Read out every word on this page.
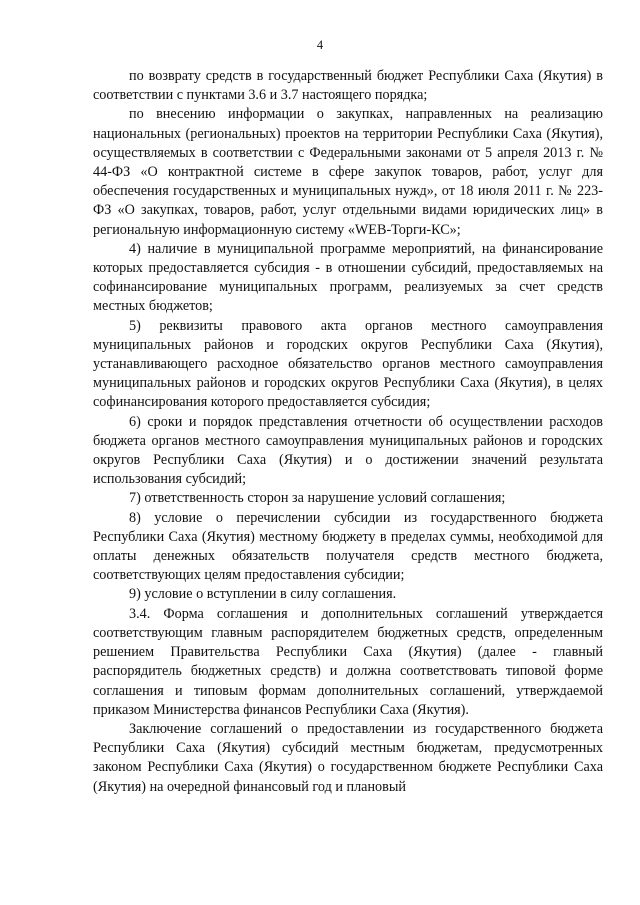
4

по возврату средств в государственный бюджет Республики Саха (Якутия) в соответствии с пунктами 3.6 и 3.7 настоящего порядка;

по внесению информации о закупках, направленных на реализацию национальных (региональных) проектов на территории Республики Саха (Якутия), осуществляемых в соответствии с Федеральными законами от 5 апреля 2013 г. № 44-ФЗ «О контрактной системе в сфере закупок товаров, работ, услуг для обеспечения государственных и муниципальных нужд», от 18 июля 2011 г. № 223-ФЗ «О закупках, товаров, работ, услуг отдельными видами юридических лиц» в региональную информационную систему «WEB-Торги-КС»;

4) наличие в муниципальной программе мероприятий, на финансирование которых предоставляется субсидия - в отношении субсидий, предоставляемых на софинансирование муниципальных программ, реализуемых за счет средств местных бюджетов;

5) реквизиты правового акта органов местного самоуправления муниципальных районов и городских округов Республики Саха (Якутия), устанавливающего расходное обязательство органов местного самоуправления муниципальных районов и городских округов Республики Саха (Якутия), в целях софинансирования которого предоставляется субсидия;

6) сроки и порядок представления отчетности об осуществлении расходов бюджета органов местного самоуправления муниципальных районов и городских округов Республики Саха (Якутия) и о достижении значений результата использования субсидий;

7) ответственность сторон за нарушение условий соглашения;

8) условие о перечислении субсидии из государственного бюджета Республики Саха (Якутия) местному бюджету в пределах суммы, необходимой для оплаты денежных обязательств получателя средств местного бюджета, соответствующих целям предоставления субсидии;

9) условие о вступлении в силу соглашения.

3.4. Форма соглашения и дополнительных соглашений утверждается соответствующим главным распорядителем бюджетных средств, определенным решением Правительства Республики Саха (Якутия) (далее - главный распорядитель бюджетных средств) и должна соответствовать типовой форме соглашения и типовым формам дополнительных соглашений, утверждаемой приказом Министерства финансов Республики Саха (Якутия).

Заключение соглашений о предоставлении из государственного бюджета Республики Саха (Якутия) субсидий местным бюджетам, предусмотренных законом Республики Саха (Якутия) о государственном бюджете Республики Саха (Якутия) на очередной финансовый год и плановый
